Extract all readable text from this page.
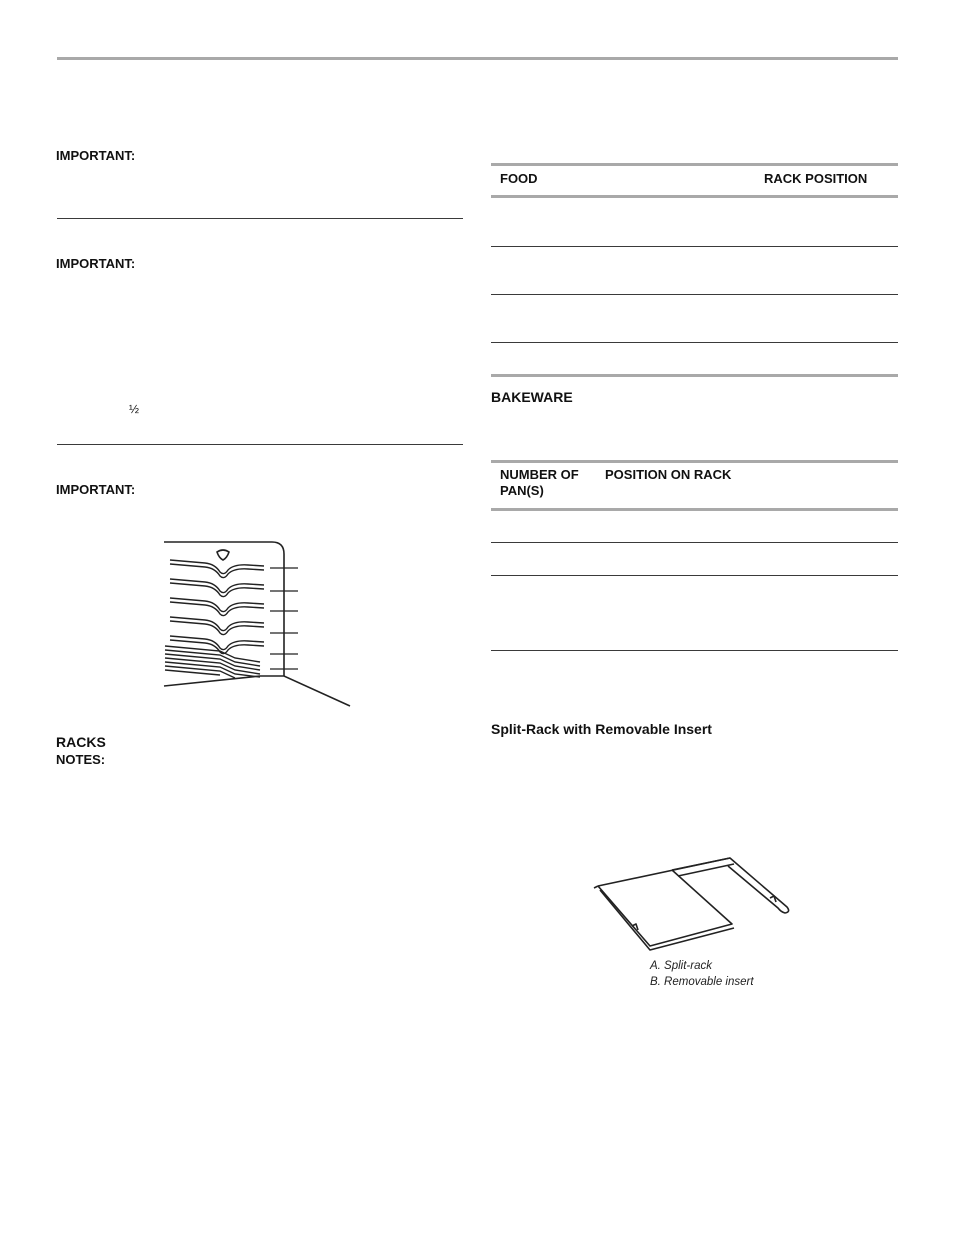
IMPORTANT:
IMPORTANT:
½
IMPORTANT:
RACKS
NOTES:
FOOD	RACK POSITION
BAKEWARE
NUMBER OF
PAN(S)
POSITION ON RACK
Split-Rack with Removable Insert
A. Split-rack
B. Removable insert
